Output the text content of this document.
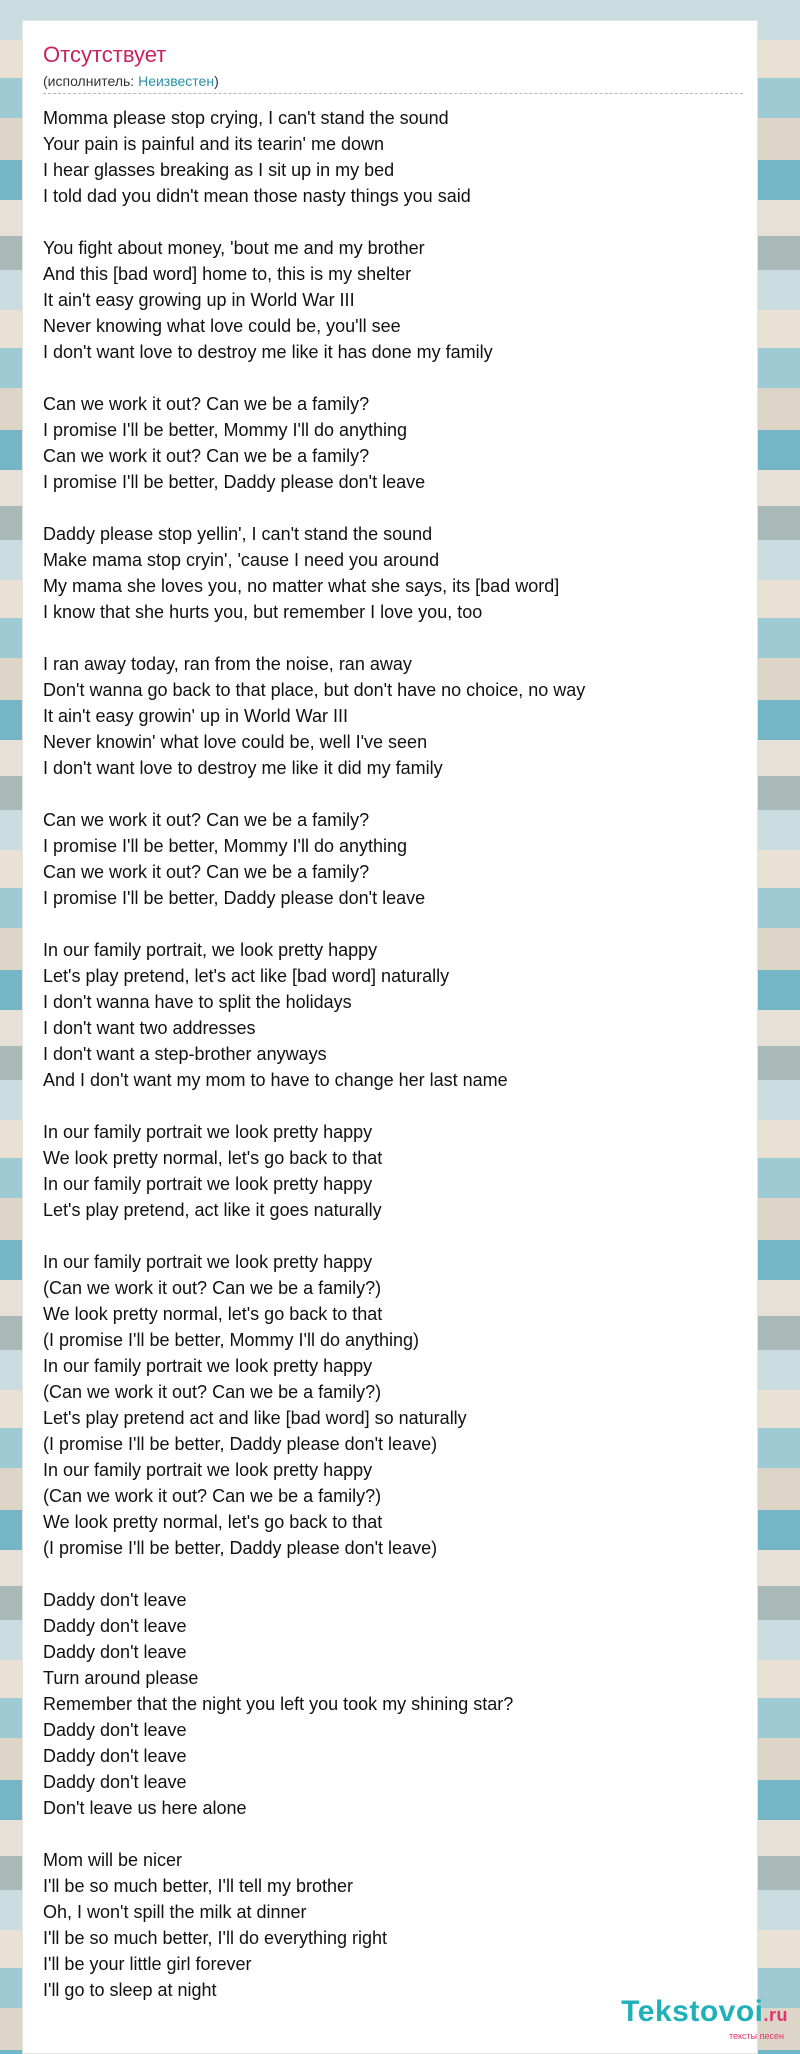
Отсутствует
(исполнитель: Неизвестен)
Momma please stop crying, I can't stand the sound
Your pain is painful and its tearin' me down
I hear glasses breaking as I sit up in my bed
I told dad you didn't mean those nasty things you said
You fight about money, 'bout me and my brother
And this [bad word] home to, this is my shelter
It ain't easy growing up in World War III
Never knowing what love could be, you'll see
I don't want love to destroy me like it has done my family
Can we work it out? Can we be a family?
I promise I'll be better, Mommy I'll do anything
Can we work it out? Can we be a family?
I promise I'll be better, Daddy please don't leave
Daddy please stop yellin', I can't stand the sound
Make mama stop cryin', 'cause I need you around
My mama she loves you, no matter what she says, its [bad word]
I know that she hurts you, but remember I love you, too
I ran away today, ran from the noise, ran away
Don't wanna go back to that place, but don't have no choice, no way
It ain't easy growin' up in World War III
Never knowin' what love could be, well I've seen
I don't want love to destroy me like it did my family
Can we work it out? Can we be a family?
I promise I'll be better, Mommy I'll do anything
Can we work it out? Can we be a family?
I promise I'll be better, Daddy please don't leave
In our family portrait, we look pretty happy
Let's play pretend, let's act like [bad word] naturally
I don't wanna have to split the holidays
I don't want two addresses
I don't want a step-brother anyways
And I don't want my mom to have to change her last name
In our family portrait we look pretty happy
We look pretty normal, let's go back to that
In our family portrait we look pretty happy
Let's play pretend, act like it goes naturally
In our family portrait we look pretty happy
(Can we work it out? Can we be a family?)
We look pretty normal, let's go back to that
(I promise I'll be better, Mommy I'll do anything)
In our family portrait we look pretty happy
(Can we work it out? Can we be a family?)
Let's play pretend act and like [bad word] so naturally
(I promise I'll be better, Daddy please don't leave)
In our family portrait we look pretty happy
(Can we work it out? Can we be a family?)
We look pretty normal, let's go back to that
(I promise I'll be better, Daddy please don't leave)
Daddy don't leave
Daddy don't leave
Daddy don't leave
Turn around please
Remember that the night you left you took my shining star?
Daddy don't leave
Daddy don't leave
Daddy don't leave
Don't leave us here alone
Mom will be nicer
I'll be so much better, I'll tell my brother
Oh, I won't spill the milk at dinner
I'll be so much better, I'll do everything right
I'll be your little girl forever
I'll go to sleep at night
Tekstovoi.ru
тексты песен
